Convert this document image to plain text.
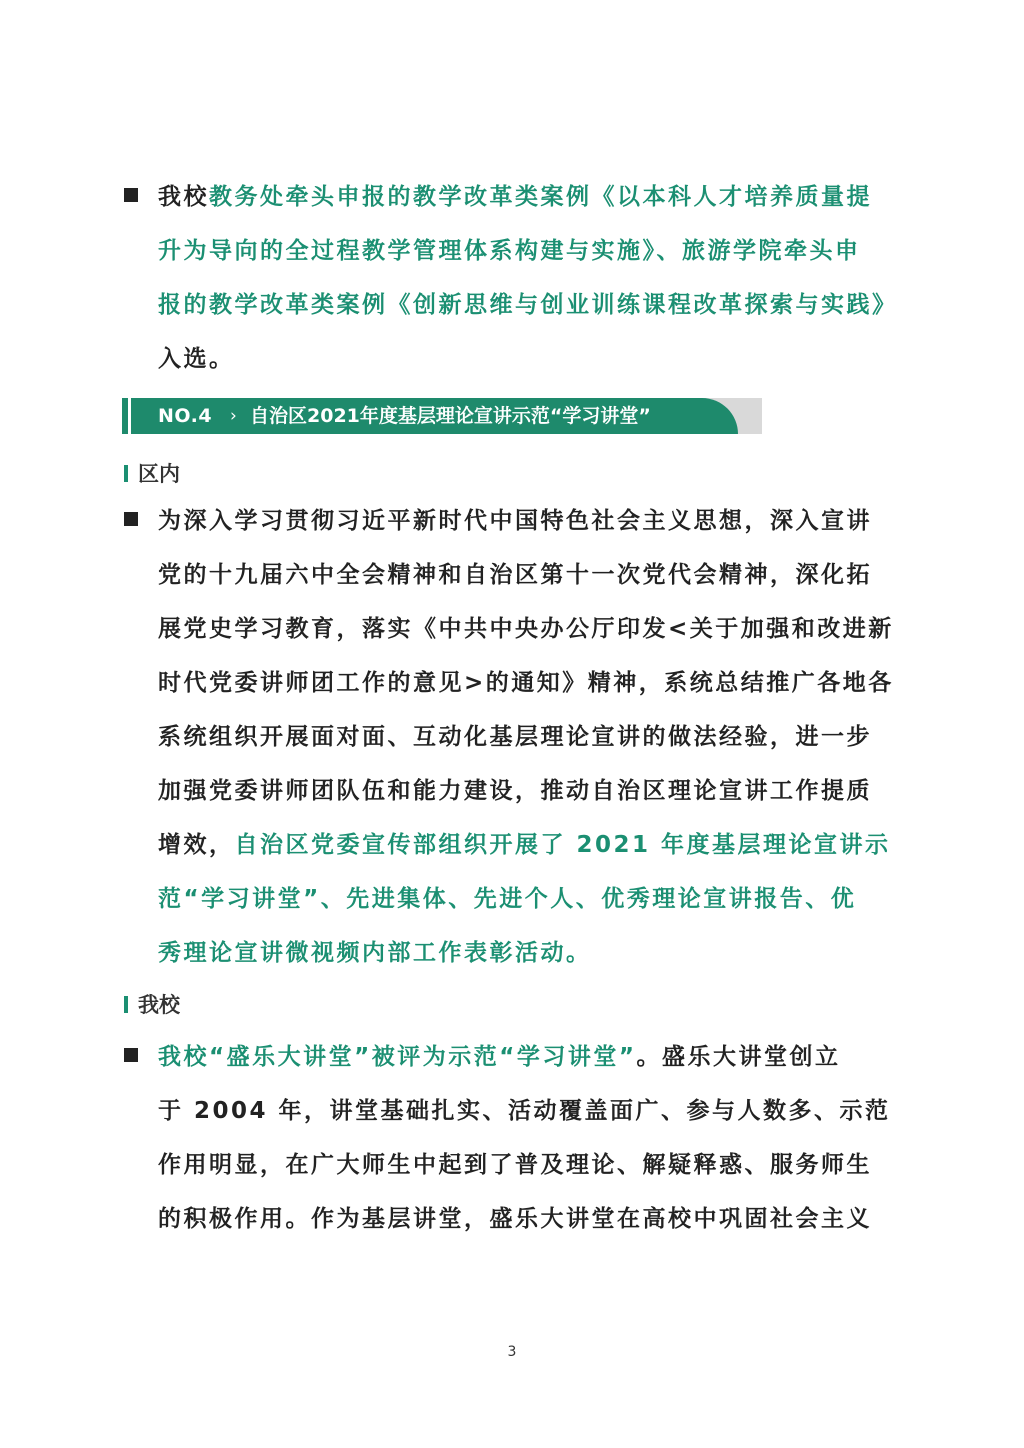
我校教务处牵头申报的教学改革类案例《以本科人才培养质量提
升为导向的全过程教学管理体系构建与实施》、旅游学院牵头申
报的教学改革类案例《创新思维与创业训练课程改革探索与实践》
入选。
NO.4 › 自治区2021年度基层理论宣讲示范“学习讲堂”
区内
为深入学习贯彻习近平新时代中国特色社会主义思想，深入宣讲
党的十九届六中全会精神和自治区第十一次党代会精神，深化拓
展党史学习教育，落实《中共中央办公厅印发<关于加强和改进新
时代党委讲师团工作的意见>的通知》精神，系统总结推广各地各
系统组织开展面对面、互动化基层理论宣讲的做法经验，进一步
加强党委讲师团队伍和能力建设，推动自治区理论宣讲工作提质
增效，自治区党委宣传部组织开展了 2021 年度基层理论宣讲示
范“学习讲堂”、先进集体、先进个人、优秀理论宣讲报告、优
秀理论宣讲微视频内部工作表彰活动。
我校
我校“盛乐大讲堂”被评为示范“学习讲堂”。盛乐大讲堂创立
于 2004 年，讲堂基础扎实、活动覆盖面广、参与人数多、示范
作用明显，在广大师生中起到了普及理论、解疑释惑、服务师生
的积极作用。作为基层讲堂，盛乐大讲堂在高校中巩固社会主义
3
